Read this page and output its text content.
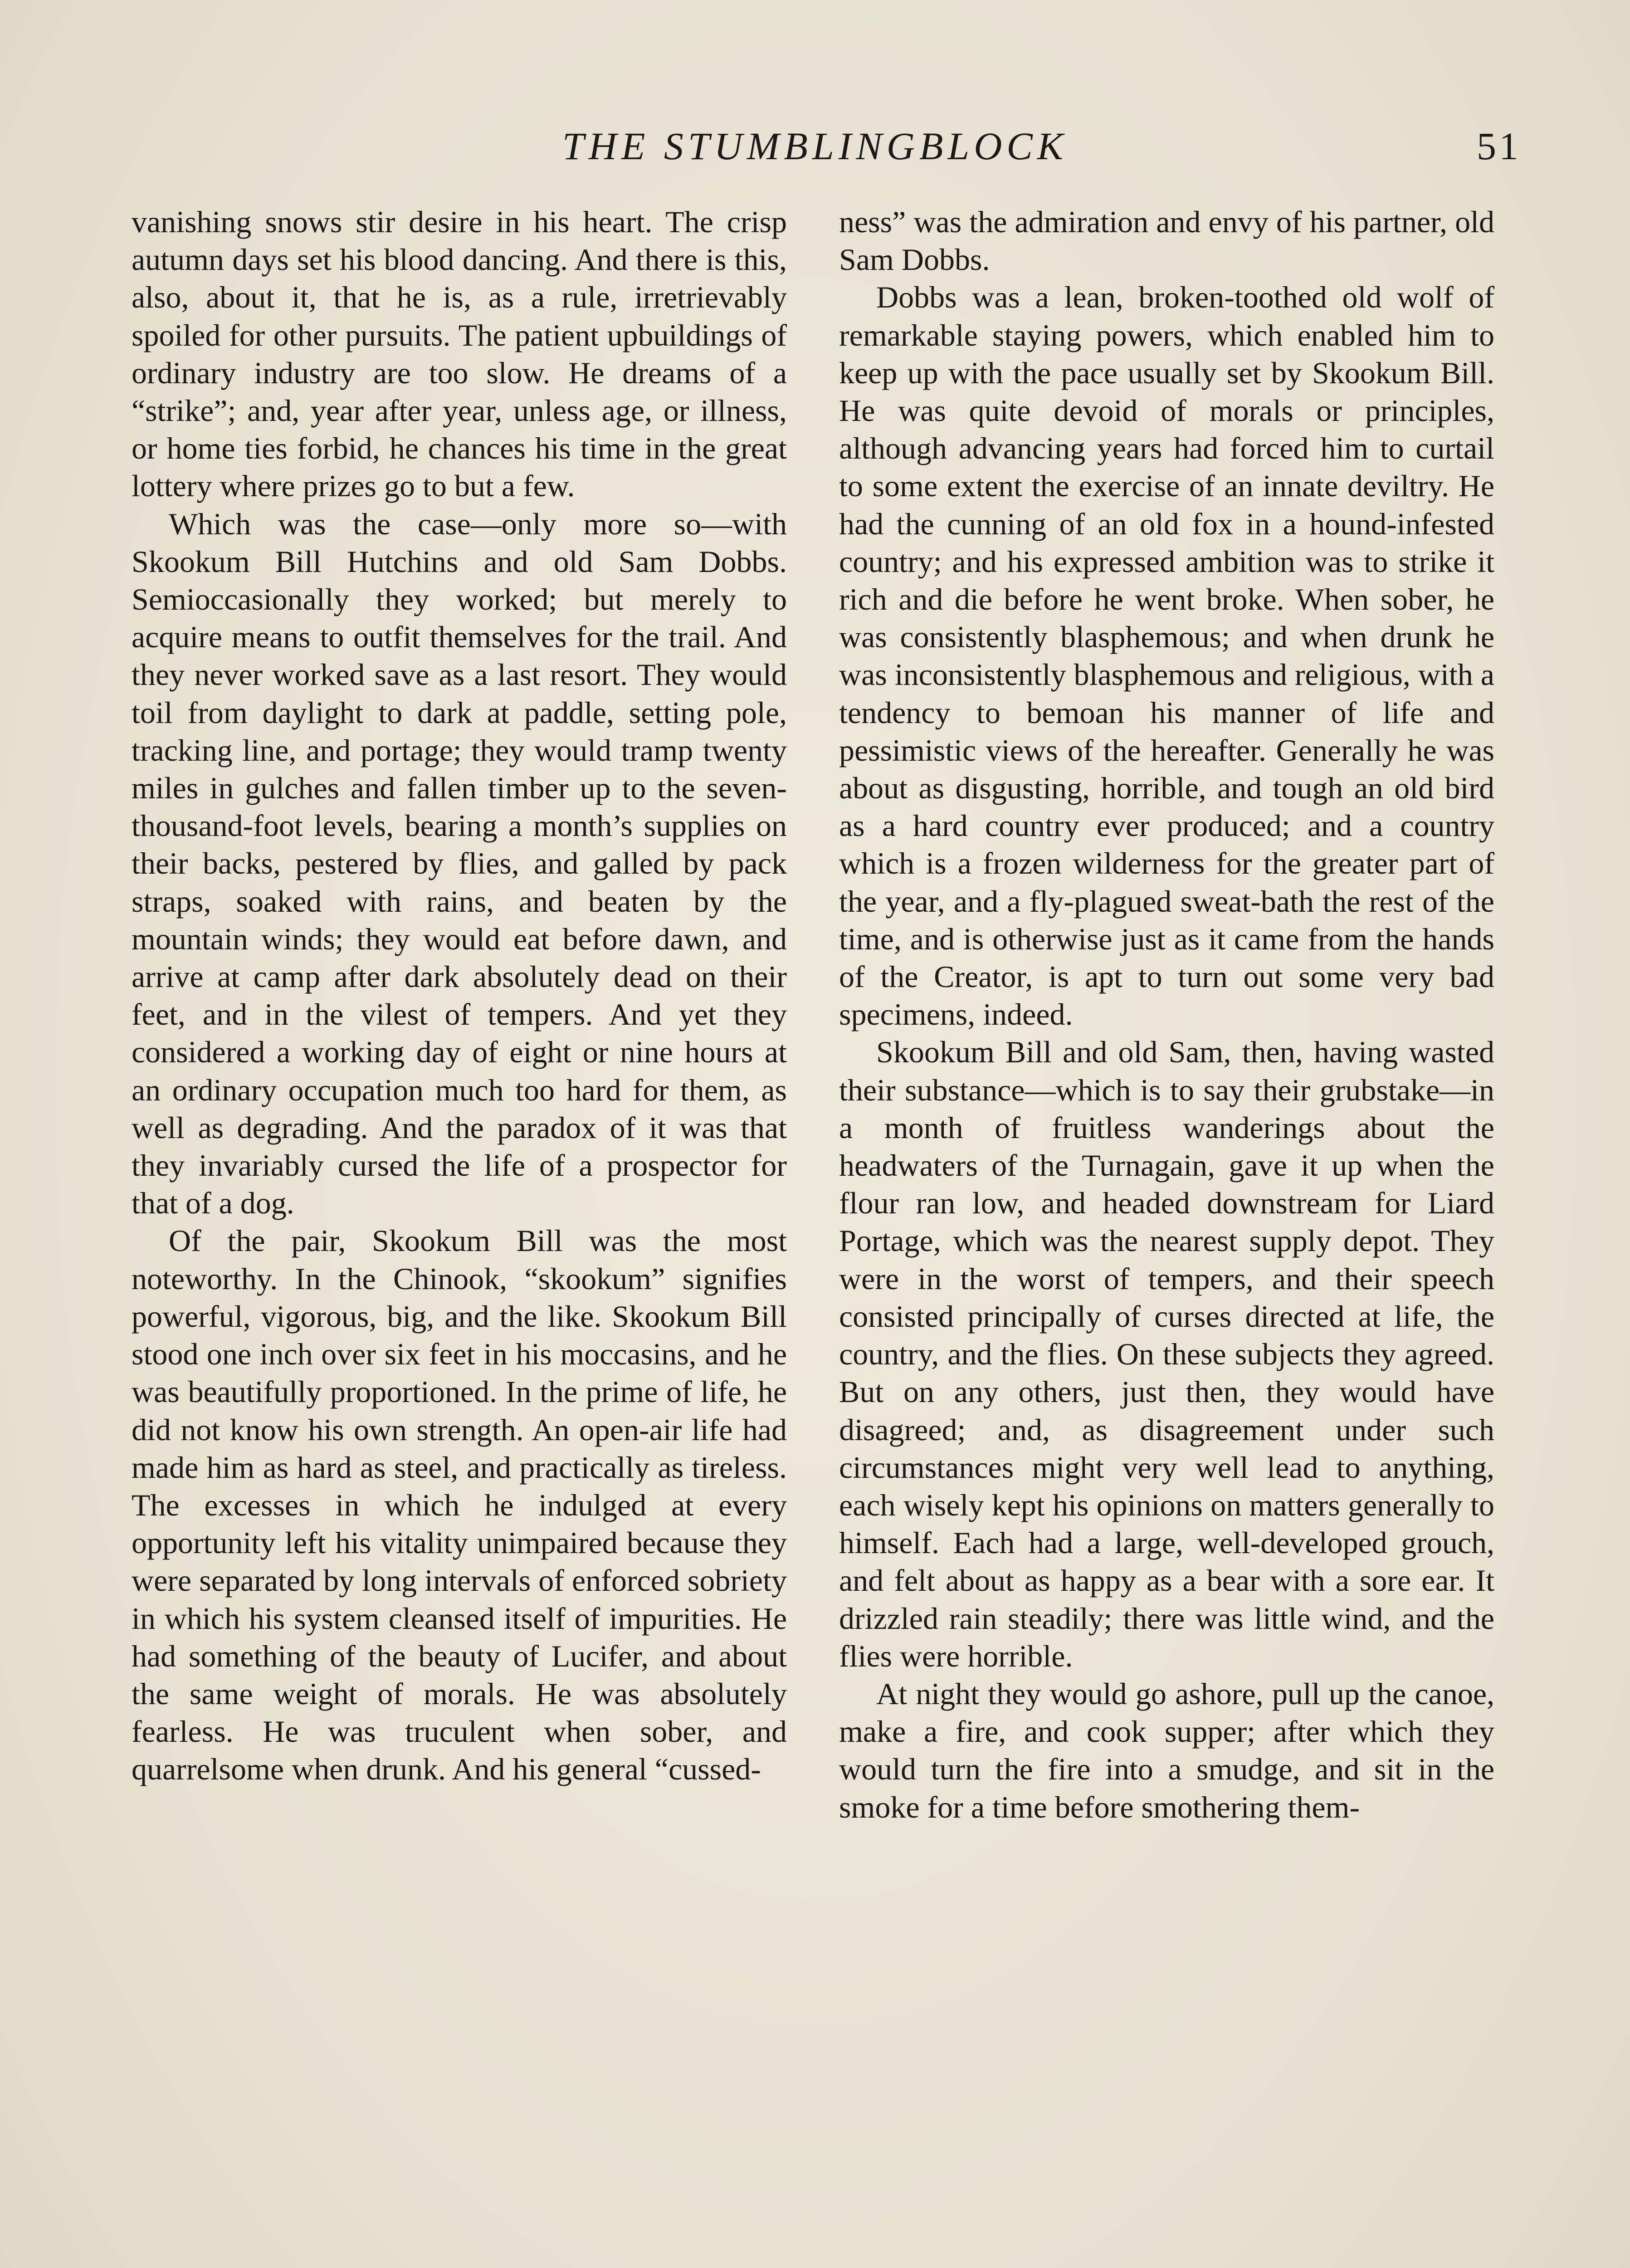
THE STUMBLINGBLOCK	51

vanishing snows stir desire in his heart. The crisp autumn days set his blood dancing. And there is this, also, about it, that he is, as a rule, irretrievably spoiled for other pursuits. The patient upbuildings of ordinary industry are too slow. He dreams of a “strike”; and, year after year, unless age, or illness, or home ties forbid, he chances his time in the great lottery where prizes go to but a few.

Which was the case—only more so—with Skookum Bill Hutchins and old Sam Dobbs. Semioccasionally they worked; but merely to acquire means to outfit themselves for the trail. And they never worked save as a last resort. They would toil from daylight to dark at paddle, setting pole, tracking line, and portage; they would tramp twenty miles in gulches and fallen timber up to the seven-thousand-foot levels, bearing a month’s supplies on their backs, pestered by flies, and galled by pack straps, soaked with rains, and beaten by the mountain winds; they would eat before dawn, and arrive at camp after dark absolutely dead on their feet, and in the vilest of tempers. And yet they considered a working day of eight or nine hours at an ordinary occupation much too hard for them, as well as degrading. And the paradox of it was that they invariably cursed the life of a prospector for that of a dog.

Of the pair, Skookum Bill was the most noteworthy. In the Chinook, “skookum” signifies powerful, vigorous, big, and the like. Skookum Bill stood one inch over six feet in his moccasins, and he was beautifully proportioned. In the prime of life, he did not know his own strength. An open-air life had made him as hard as steel, and practically as tireless. The excesses in which he indulged at every opportunity left his vitality unimpaired because they were separated by long intervals of enforced sobriety in which his system cleansed itself of impurities. He had something of the beauty of Lucifer, and about the same weight of morals. He was absolutely fearless. He was truculent when sober, and quarrelsome when drunk. And his general “cussed-

ness” was the admiration and envy of his partner, old Sam Dobbs.

Dobbs was a lean, broken-toothed old wolf of remarkable staying powers, which enabled him to keep up with the pace usually set by Skookum Bill. He was quite devoid of morals or principles, although advancing years had forced him to curtail to some extent the exercise of an innate deviltry. He had the cunning of an old fox in a hound-infested country; and his expressed ambition was to strike it rich and die before he went broke. When sober, he was consistently blasphemous; and when drunk he was inconsistently blasphemous and religious, with a tendency to bemoan his manner of life and pessimistic views of the hereafter. Generally he was about as disgusting, horrible, and tough an old bird as a hard country ever produced; and a country which is a frozen wilderness for the greater part of the year, and a fly-plagued sweat-bath the rest of the time, and is otherwise just as it came from the hands of the Creator, is apt to turn out some very bad specimens, indeed.

Skookum Bill and old Sam, then, having wasted their substance—which is to say their grubstake—in a month of fruitless wanderings about the headwaters of the Turnagain, gave it up when the flour ran low, and headed downstream for Liard Portage, which was the nearest supply depot. They were in the worst of tempers, and their speech consisted principally of curses directed at life, the country, and the flies. On these subjects they agreed. But on any others, just then, they would have disagreed; and, as disagreement under such circumstances might very well lead to anything, each wisely kept his opinions on matters generally to himself. Each had a large, well-developed grouch, and felt about as happy as a bear with a sore ear. It drizzled rain steadily; there was little wind, and the flies were horrible.

At night they would go ashore, pull up the canoe, make a fire, and cook supper; after which they would turn the fire into a smudge, and sit in the smoke for a time before smothering them-
